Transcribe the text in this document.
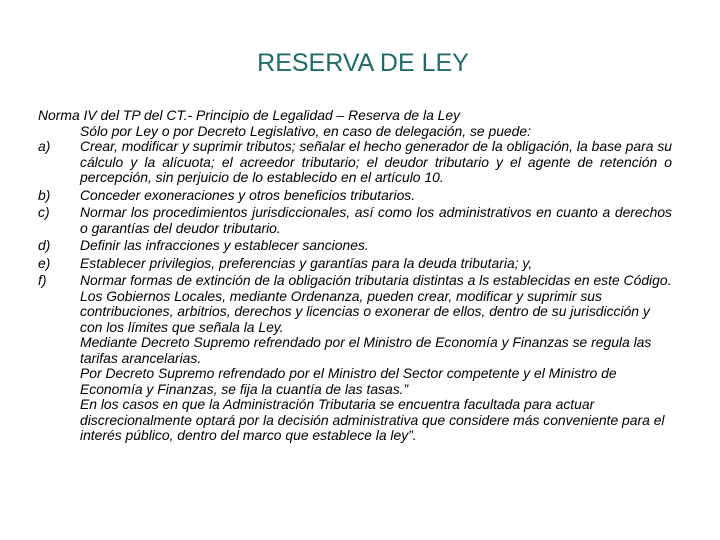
RESERVA DE LEY

Norma IV del TP del CT.- Principio de Legalidad – Reserva de la Ley

Sólo por Ley o por Decreto Legislativo, en caso de delegación, se puede:

a)	Crear, modificar y suprimir tributos; señalar el hecho generador de la obligación, la base para su cálculo y la alícuota; el acreedor tributario; el deudor tributario y el agente de retención o percepción, sin perjuicio de lo establecido en el artículo 10.
b)	Conceder exoneraciones y otros beneficios tributarios.
c)	Normar los procedimientos jurisdiccionales, así como los administrativos en cuanto a derechos o garantías del deudor tributario.
d)	Definir las infracciones y establecer sanciones.
e)	Establecer privilegios, preferencias y garantías para la deuda tributaria; y,
f)	Normar formas de extinción de la obligación tributaria distintas a ls establecidas en este Código.

Los Gobiernos Locales, mediante Ordenanza, pueden crear, modificar y suprimir sus contribuciones, arbitrios, derechos y licencias o exonerar de ellos, dentro de su jurisdicción y con los límites que señala la Ley.

Mediante Decreto Supremo refrendado por el Ministro de Economía y Finanzas se regula las tarifas arancelarias.

Por Decreto Supremo refrendado por el Ministro del Sector competente y el Ministro de Economía y Finanzas, se fija la cuantía de las tasas.”

En los casos en que la Administración Tributaria se encuentra facultada para actuar discrecionalmente optará por la decisión administrativa que considere más conveniente para el interés público, dentro del marco que establece la ley”.
